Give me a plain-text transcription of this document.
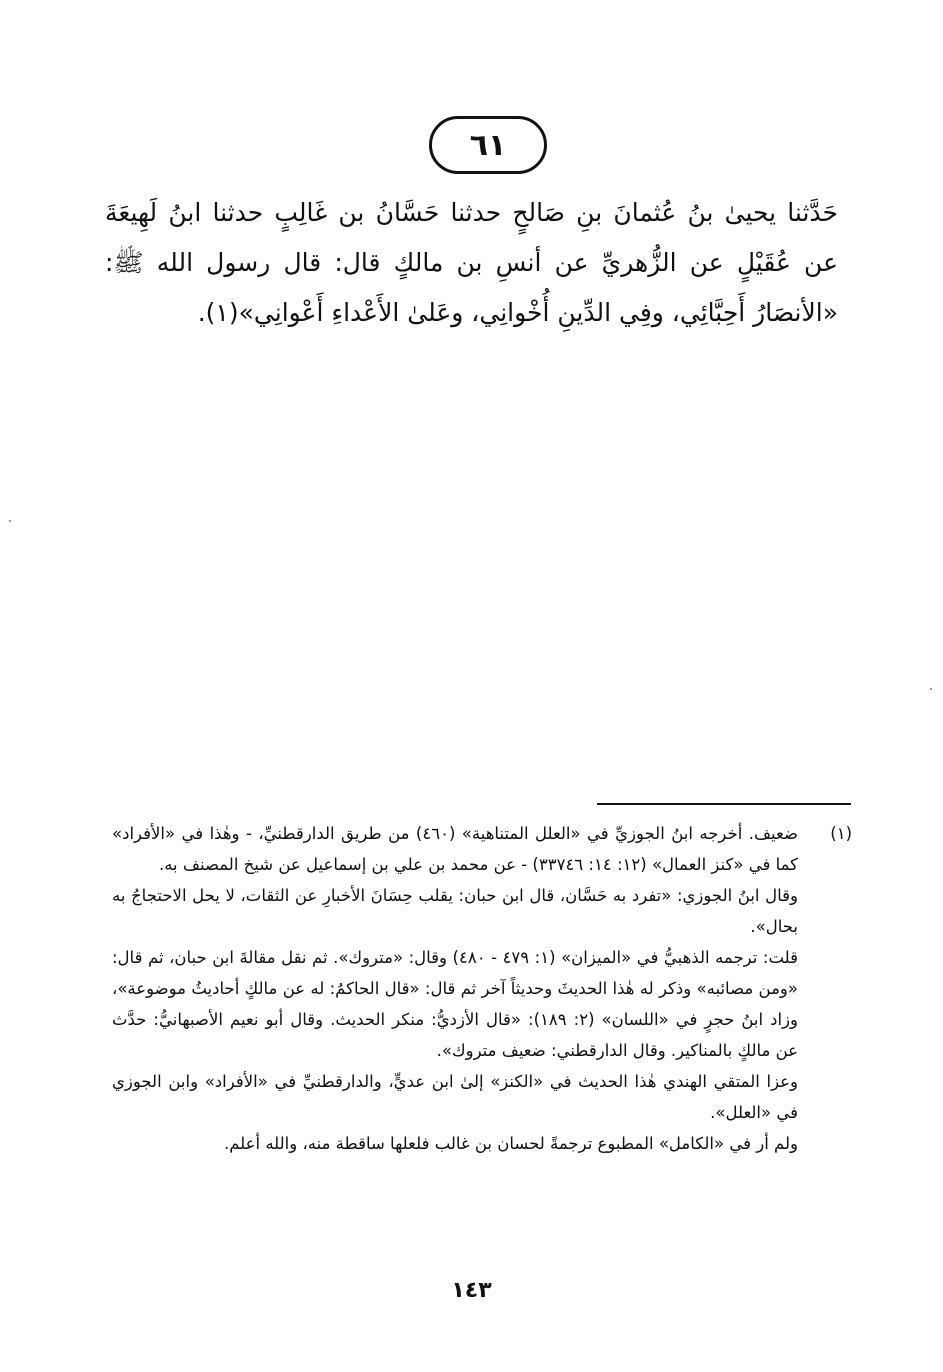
٦١
حَدَّثنا يحيىٰ بنُ عُثمانَ بنِ صَالحٍ حدثنا حَسَّانُ بن غَالِبٍ حدثنا ابنُ لَهِيعَةَ عن عُقَيْلٍ عن الزُّهريِّ عن أنسِ بن مالكٍ قال: قال رسول الله ﷺ: «الأنصَارُ أَحِبَّائِي، وفِي الدِّينِ أُخْوانِي، وعَلىٰ الأَعْداءِ أَعْوانِي»(١).
(١)

ضعيف. أخرجه ابنُ الجوزيِّ في «العلل المتناهية» (٤٦٠) من طريق الدارقطنيِّ، - وهٰذا في «الأفراد» كما في «كنز العمال» (١٢: ١٤: ٣٣٧٤٦) - عن محمد بن علي بن إسماعيل عن شيخ المصنف به.

وقال ابنُ الجوزي: «تفرد به حَسَّان، قال ابن حبان: يقلب حِسَانَ الأخبارِ عن الثقات، لا يحل الاحتجاجُ به بحال».

قلت: ترجمه الذهبيُّ في «الميزان» (١: ٤٧٩ - ٤٨٠) وقال: «متروك». ثم نقل مقالةَ ابن حبان، ثم قال: «ومن مصائبه» وذكر له هٰذا الحديثَ وحديثاً آخر ثم قال: «قال الحاكمُ: له عن مالكٍ أحاديثُ موضوعة»، وزاد ابنُ حجرٍ في «اللسان» (٢: ١٨٩): «قال الأزديُّ: منكر الحديث. وقال أبو نعيم الأصبهانيُّ: حدَّث عن مالكٍ بالمناكير. وقال الدارقطني: ضعيف متروك».

وعزا المتقي الهندي هٰذا الحديث في «الكنز» إلىٰ ابن عديٍّ، والدارقطنيِّ في «الأفراد» وابن الجوزي في «العلل».

ولم أر في «الكامل» المطبوع ترجمةً لحسان بن غالب فلعلها ساقطة منه، والله أعلم.

١٤٣
